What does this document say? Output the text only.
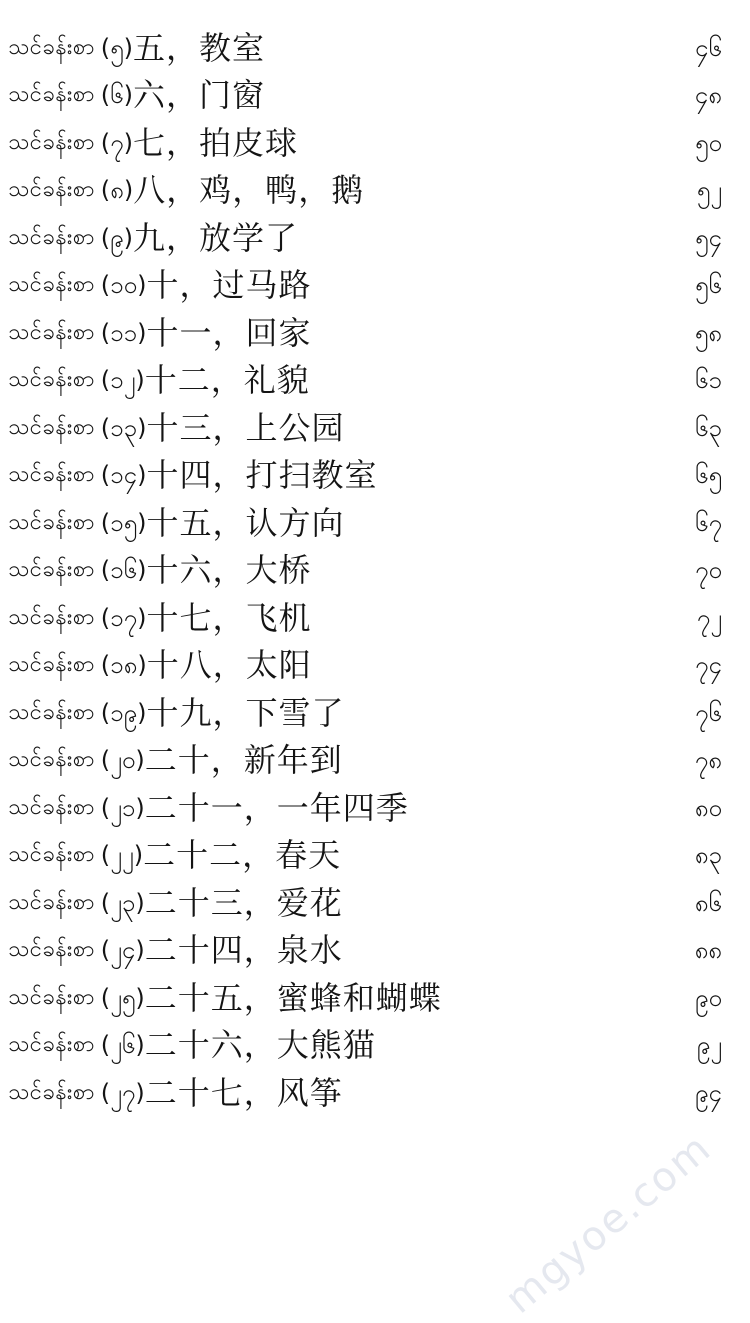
သင်ခန်းစာ (၅) 五，教室	၄၆
သင်ခန်းစာ (၆) 六，门窗	၄၈
သင်ခန်းစာ (၇) 七，拍皮球	၅၀
သင်ခန်းစာ (၈) 八，鸡，鸭，鹅	၅၂
သင်ခန်းစာ (၉) 九，放学了	၅၄
သင်ခန်းစာ (၁၀) 十，过马路	၅၆
သင်ခန်းစာ (၁၁) 十一，回家	၅၈
သင်ခန်းစာ (၁၂) 十二，礼貌	၆၁
သင်ခန်းစာ (၁၃) 十三，上公园	၆၃
သင်ခန်းစာ (၁၄) 十四，打扫教室	၆၅
သင်ခန်းစာ (၁၅) 十五，认方向	၆၇
သင်ခန်းစာ (၁၆) 十六，大桥	၇၀
သင်ခန်းစာ (၁၇) 十七，飞机	၇၂
သင်ခန်းစာ (၁၈) 十八，太阳	၇၄
သင်ခန်းစာ (၁၉) 十九，下雪了	၇၆
သင်ခန်းစာ (၂၀) 二十，新年到	၇၈
သင်ခန်းစာ (၂၁) 二十一，一年四季	၈၀
သင်ခန်းစာ (၂၂) 二十二，春天	၈၃
သင်ခန်းစာ (၂၃) 二十三，爱花	၈၆
သင်ခန်းစာ (၂၄) 二十四，泉水	၈၈
သင်ခန်းစာ (၂၅) 二十五，蜜蜂和蝴蝶	၉၀
သင်ခန်းစာ (၂၆) 二十六，大熊猫	၉၂
သင်ခန်းစာ (၂၇) 二十七，风筝	၉၄
mgyoe.com
